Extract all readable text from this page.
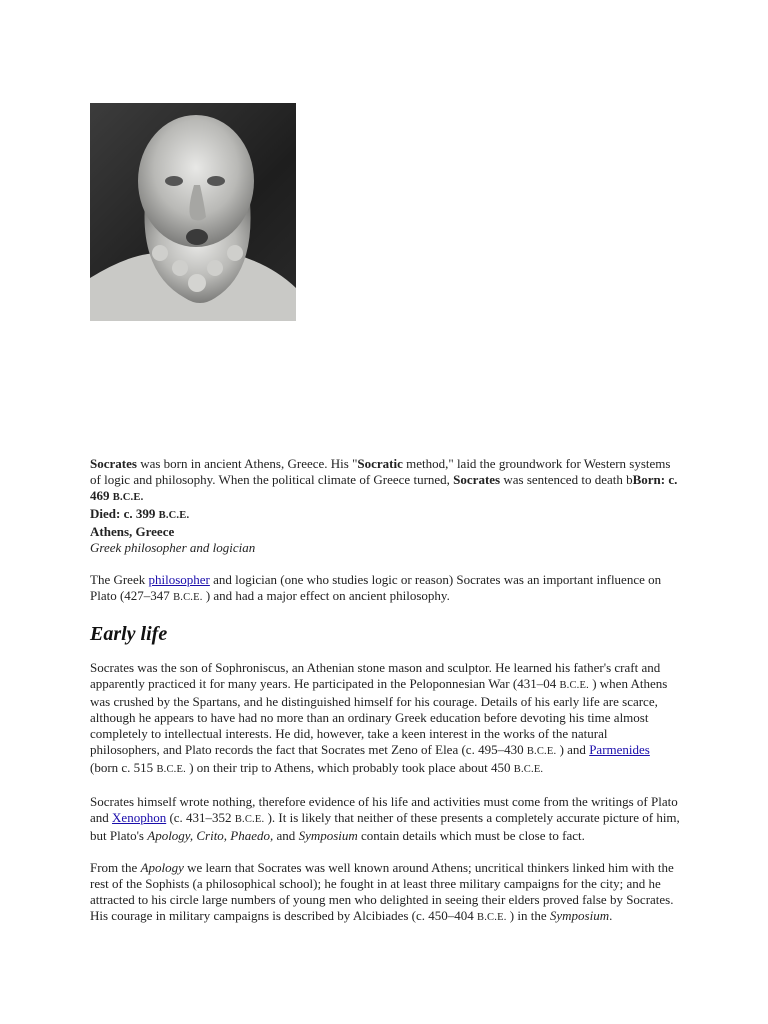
Socrates was born in ancient Athens, Greece. His "Socratic method," laid the groundwork for Western systems of logic and philosophy. When the political climate of Greece turned, Socrates was sentenced to death bBorn: c. 469 B.C.E.
Died: c. 399 B.C.E.
Athens, Greece
Greek philosopher and logician

The Greek philosopher and logician (one who studies logic or reason) Socrates was an important influence on Plato (427–347 B.C.E. ) and had a major effect on ancient philosophy.

Early life

Socrates was the son of Sophroniscus, an Athenian stone mason and sculptor. He learned his father's craft and apparently practiced it for many years. He participated in the Peloponnesian War (431–04 B.C.E. ) when Athens was crushed by the Spartans, and he distinguished himself for his courage. Details of his early life are scarce, although he appears to have had no more than an ordinary Greek education before devoting his time almost completely to intellectual interests. He did, however, take a keen interest in the works of the natural philosophers, and Plato records the fact that Socrates met Zeno of Elea (c. 495–430 B.C.E. ) and Parmenides (born c. 515 B.C.E. ) on their trip to Athens, which probably took place about 450 B.C.E.

Socrates himself wrote nothing, therefore evidence of his life and activities must come from the writings of Plato and Xenophon (c. 431–352 B.C.E. ). It is likely that neither of these presents a completely accurate picture of him, but Plato's Apology, Crito, Phaedo, and Symposium contain details which must be close to fact.

From the Apology we learn that Socrates was well known around Athens; uncritical thinkers linked him with the rest of the Sophists (a philosophical school); he fought in at least three military campaigns for the city; and he attracted to his circle large numbers of young men who delighted in seeing their elders proved false by Socrates. His courage in military campaigns is described by Alcibiades (c. 450–404 B.C.E. ) in the Symposium.
